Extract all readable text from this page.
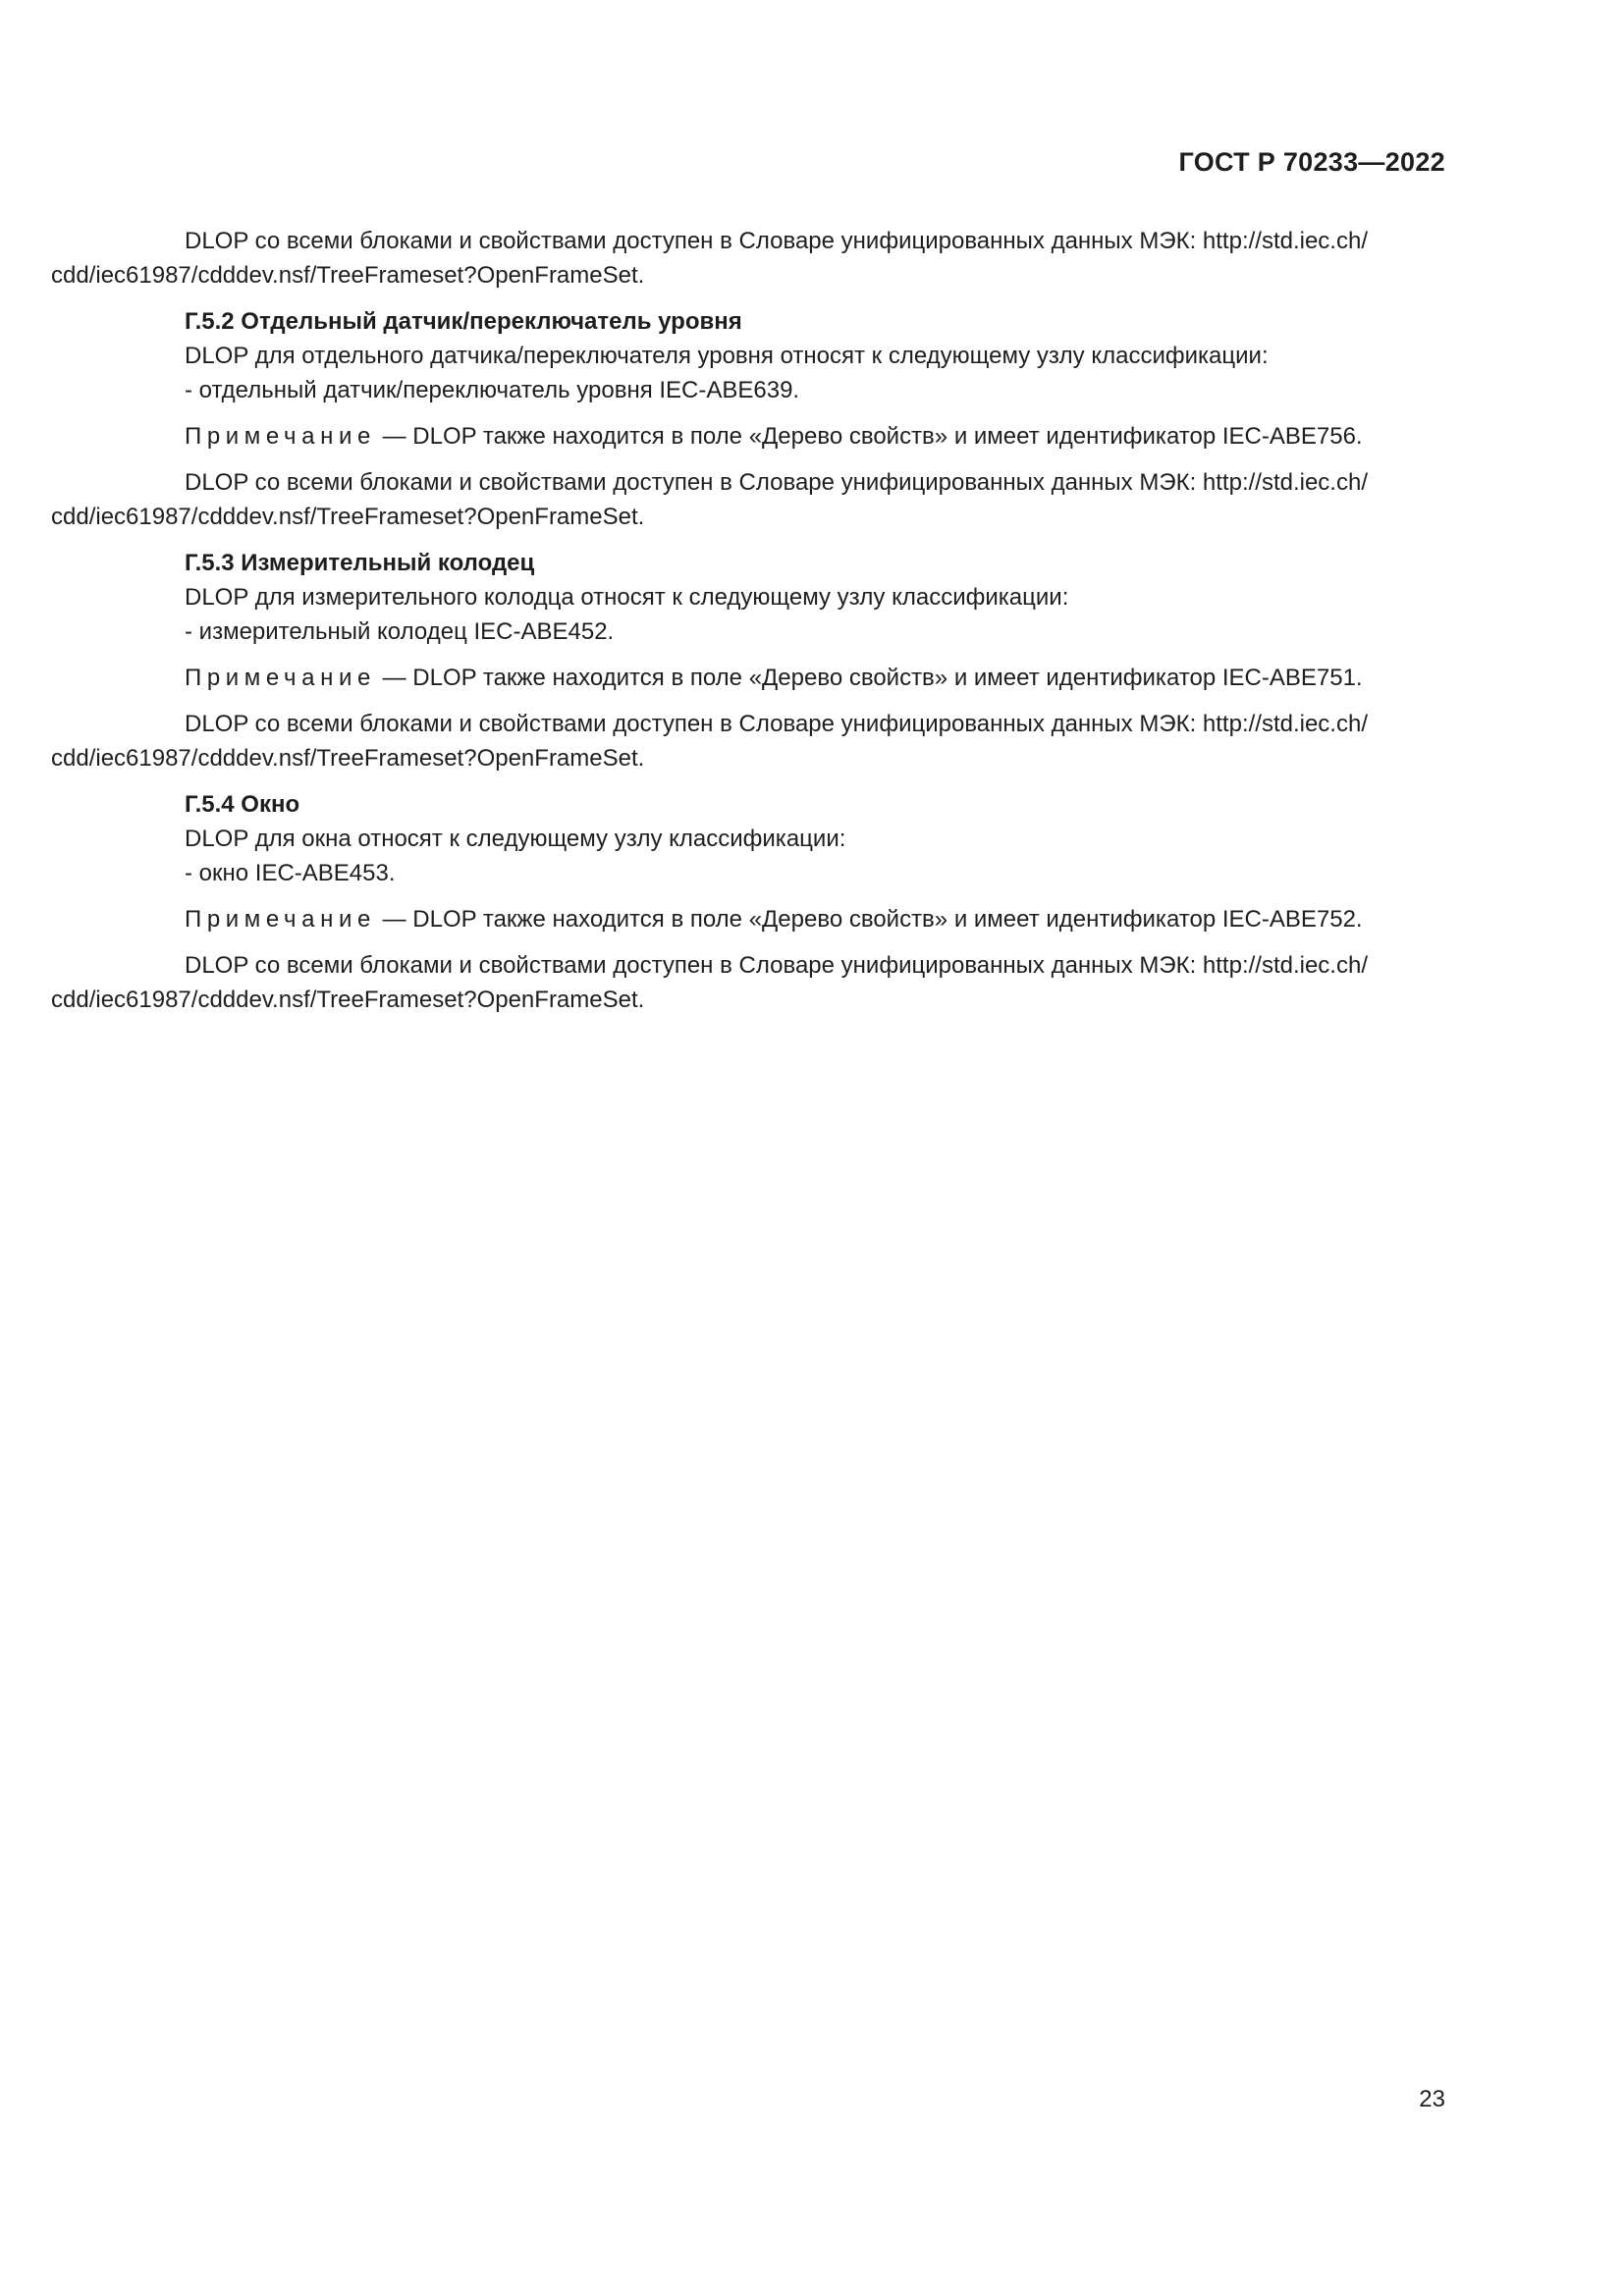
ГОСТ Р 70233—2022

DLOP со всеми блоками и свойствами доступен в Словаре унифицированных данных МЭК: http://std.iec.ch/
cdd/iec61987/cdddev.nsf/TreeFrameset?OpenFrameSet.

Г.5.2 Отдельный датчик/переключатель уровня

DLOP для отдельного датчика/переключателя уровня относят к следующему узлу классификации:

- отдельный датчик/переключатель уровня IEC-ABE639.

Примечание — DLOP также находится в поле «Дерево свойств» и имеет идентификатор IEC-ABE756.

DLOP со всеми блоками и свойствами доступен в Словаре унифицированных данных МЭК: http://std.iec.ch/
cdd/iec61987/cdddev.nsf/TreeFrameset?OpenFrameSet.

Г.5.3 Измерительный колодец

DLOP для измерительного колодца относят к следующему узлу классификации:

- измерительный колодец IEC-ABE452.

Примечание — DLOP также находится в поле «Дерево свойств» и имеет идентификатор IEC-ABE751.

DLOP со всеми блоками и свойствами доступен в Словаре унифицированных данных МЭК: http://std.iec.ch/
cdd/iec61987/cdddev.nsf/TreeFrameset?OpenFrameSet.

Г.5.4 Окно

DLOP для окна относят к следующему узлу классификации:

- окно IEC-ABE453.

Примечание — DLOP также находится в поле «Дерево свойств» и имеет идентификатор IEC-ABE752.

DLOP со всеми блоками и свойствами доступен в Словаре унифицированных данных МЭК: http://std.iec.ch/
cdd/iec61987/cdddev.nsf/TreeFrameset?OpenFrameSet.

23
